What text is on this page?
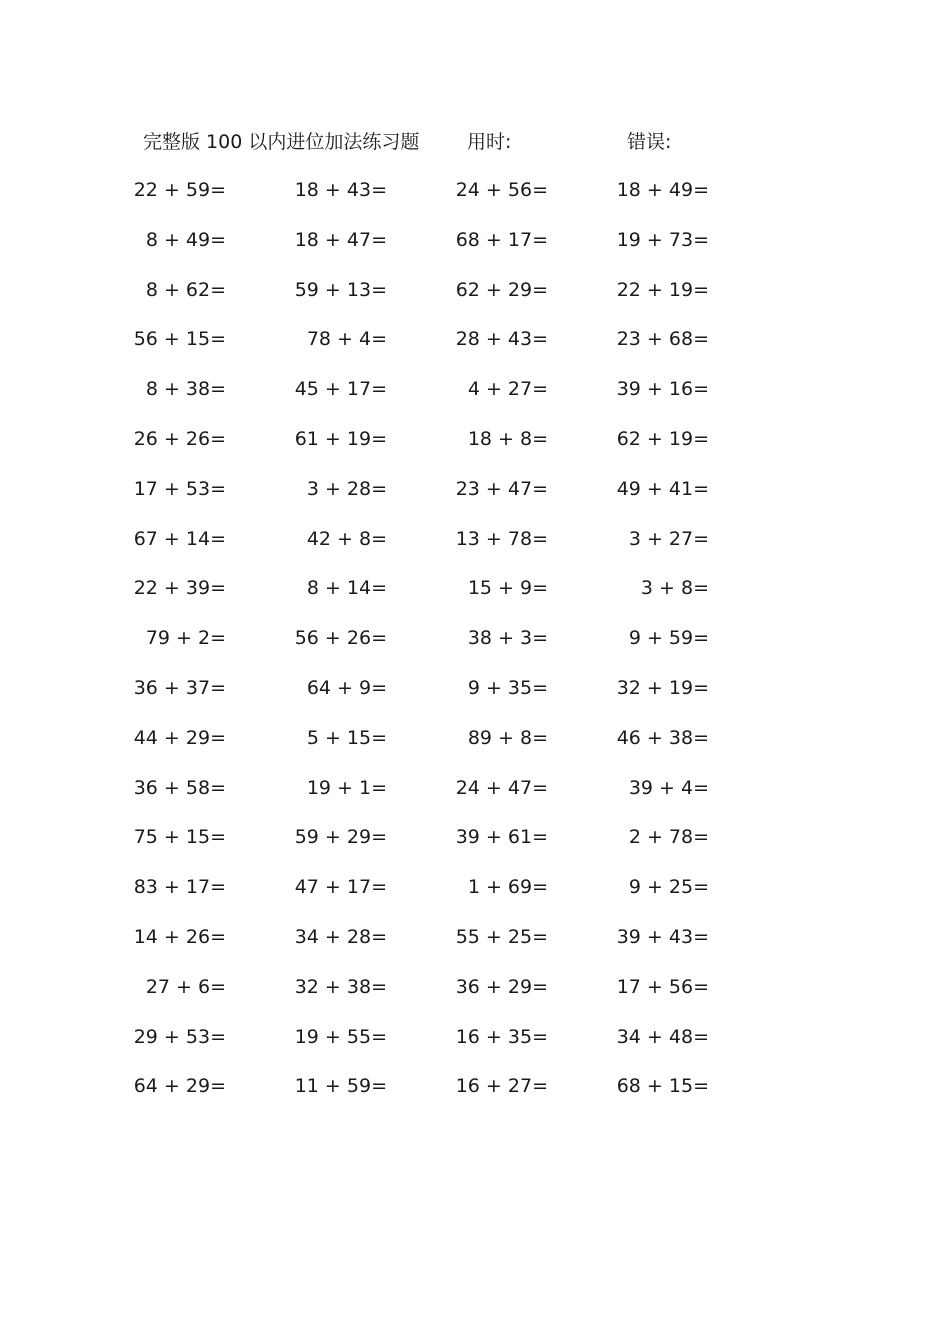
完整版 100 以内进位加法练习题	用时:	错误:
22 + 59=	18 + 43=	24 + 56=	18 + 49=
8 + 49=	18 + 47=	68 + 17=	19 + 73=
8 + 62=	59 + 13=	62 + 29=	22 + 19=
56 + 15=	78 + 4=	28 + 43=	23 + 68=
8 + 38=	45 + 17=	4 + 27=	39 + 16=
26 + 26=	61 + 19=	18 + 8=	62 + 19=
17 + 53=	3 + 28=	23 + 47=	49 + 41=
67 + 14=	42 + 8=	13 + 78=	3 + 27=
22 + 39=	8 + 14=	15 + 9=	3 + 8=
79 + 2=	56 + 26=	38 + 3=	9 + 59=
36 + 37=	64 + 9=	9 + 35=	32 + 19=
44 + 29=	5 + 15=	89 + 8=	46 + 38=
36 + 58=	19 + 1=	24 + 47=	39 + 4=
75 + 15=	59 + 29=	39 + 61=	2 + 78=
83 + 17=	47 + 17=	1 + 69=	9 + 25=
14 + 26=	34 + 28=	55 + 25=	39 + 43=
27 + 6=	32 + 38=	36 + 29=	17 + 56=
29 + 53=	19 + 55=	16 + 35=	34 + 48=
64 + 29=	11 + 59=	16 + 27=	68 + 15=
